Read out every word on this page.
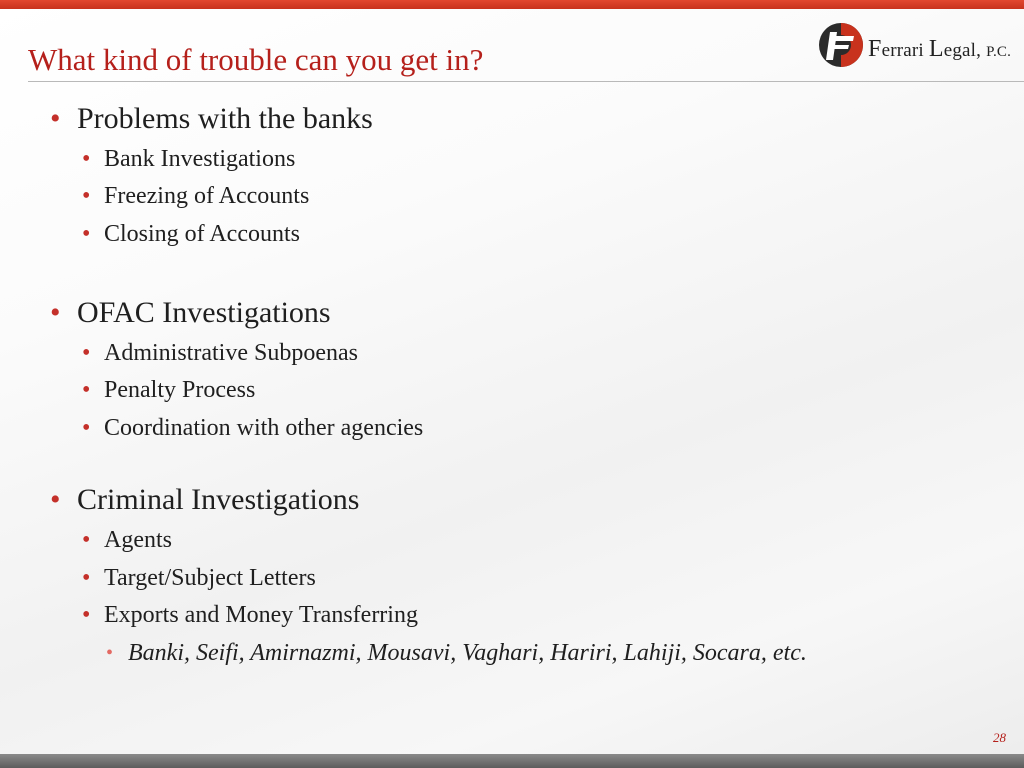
What kind of trouble can you get in?	Ferrari Legal, P.C.
• Problems with the banks
• Bank Investigations
• Freezing of Accounts
• Closing of Accounts
• OFAC Investigations
• Administrative Subpoenas
• Penalty Process
• Coordination with other agencies
• Criminal Investigations
• Agents
• Target/Subject Letters
• Exports and Money Transferring
• Banki, Seifi, Amirnazmi, Mousavi, Vaghari, Hariri, Lahiji, Socara, etc.
28
